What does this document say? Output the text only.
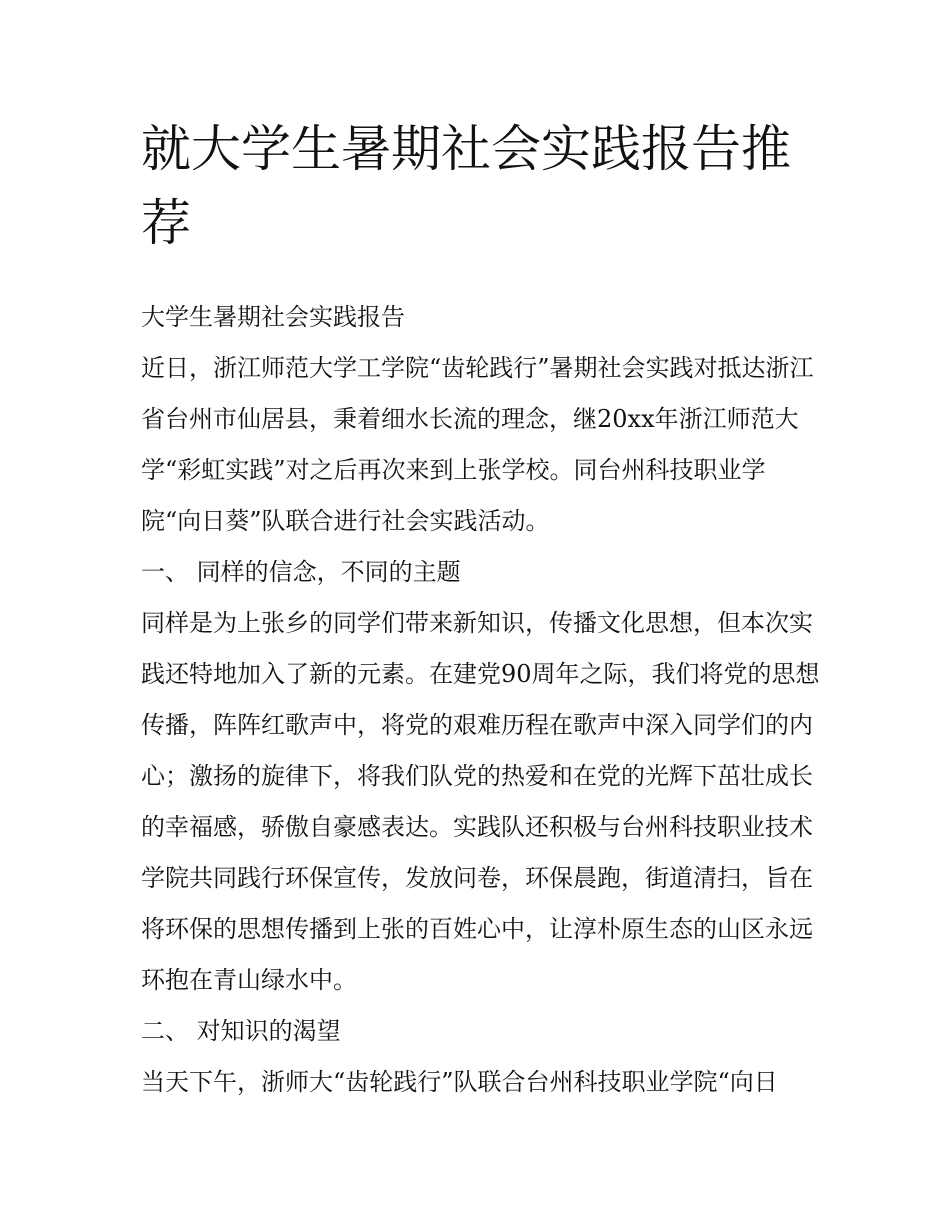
就大学生暑期社会实践报告推荐

大学生暑期社会实践报告

近日，浙江师范大学工学院“齿轮践行”暑期社会实践对抵达浙江省台州市仙居县，秉着细水长流的理念，继20xx年浙江师范大学“彩虹实践”对之后再次来到上张学校。同台州科技职业学院“向日葵”队联合进行社会实践活动。

一、 同样的信念，不同的主题

同样是为上张乡的同学们带来新知识，传播文化思想，但本次实践还特地加入了新的元素。在建党90周年之际，我们将党的思想传播，阵阵红歌声中，将党的艰难历程在歌声中深入同学们的内心；激扬的旋律下，将我们队党的热爱和在党的光辉下茁壮成长的幸福感，骄傲自豪感表达。实践队还积极与台州科技职业技术学院共同践行环保宣传，发放问卷，环保晨跑，街道清扫，旨在将环保的思想传播到上张的百姓心中，让淳朴原生态的山区永远环抱在青山绿水中。

二、 对知识的渴望

当天下午，浙师大“齿轮践行”队联合台州科技职业学院“向日
